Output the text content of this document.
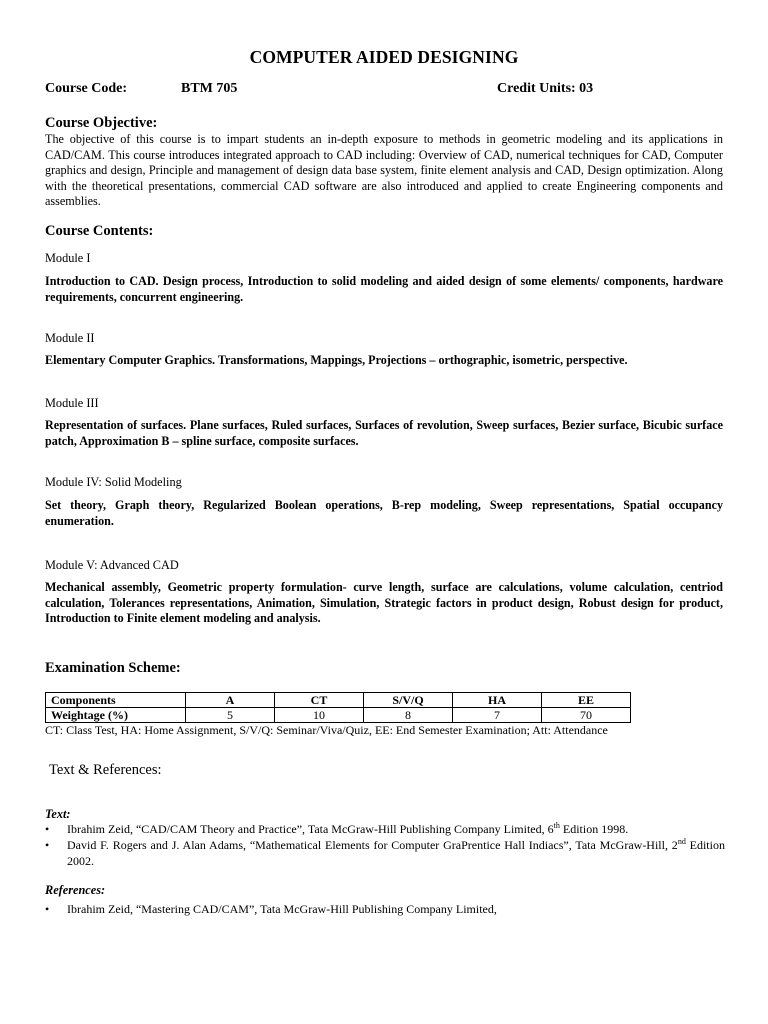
COMPUTER AIDED DESIGNING
Course Code:	BTM 705	Credit Units: 03
Course Objective:
The objective of this course is to impart students an in-depth exposure to methods in geometric modeling and its applications in CAD/CAM. This course introduces integrated approach to CAD including: Overview of CAD, numerical techniques for CAD, Computer graphics and design, Principle and management of design data base system, finite element analysis and CAD, Design optimization. Along with the theoretical presentations, commercial CAD software are also introduced and applied to create Engineering components and assemblies.
Course Contents:
Module I
Introduction to CAD. Design process, Introduction to solid modeling and aided design of some elements/ components, hardware requirements, concurrent engineering.
Module II
Elementary Computer Graphics. Transformations, Mappings, Projections – orthographic, isometric, perspective.
Module III
Representation of surfaces. Plane surfaces, Ruled surfaces, Surfaces of revolution, Sweep surfaces, Bezier surface, Bicubic surface patch, Approximation B – spline surface, composite surfaces.
Module IV: Solid Modeling
Set theory, Graph theory, Regularized Boolean operations, B-rep modeling, Sweep representations, Spatial occupancy enumeration.
Module V: Advanced CAD
Mechanical assembly, Geometric property formulation- curve length, surface are calculations, volume calculation, centriod calculation, Tolerances representations, Animation, Simulation, Strategic factors in product design, Robust design for product, Introduction to Finite element modeling and analysis.
Examination Scheme:
Components	A	CT	S/V/Q	HA	EE
Weightage (%)	5	10	8	7	70
CT: Class Test, HA: Home Assignment, S/V/Q: Seminar/Viva/Quiz, EE: End Semester Examination; Att: Attendance
Text & References:
Text:
•	Ibrahim Zeid, “CAD/CAM Theory and Practice”, Tata McGraw-Hill Publishing Company Limited, 6th Edition 1998.
•	David F. Rogers and J. Alan Adams, “Mathematical Elements for Computer GraPrentice Hall Indiacs”, Tata McGraw-Hill, 2nd Edition 2002.
References:
•	Ibrahim Zeid, “Mastering CAD/CAM”, Tata McGraw-Hill Publishing Company Limited,
